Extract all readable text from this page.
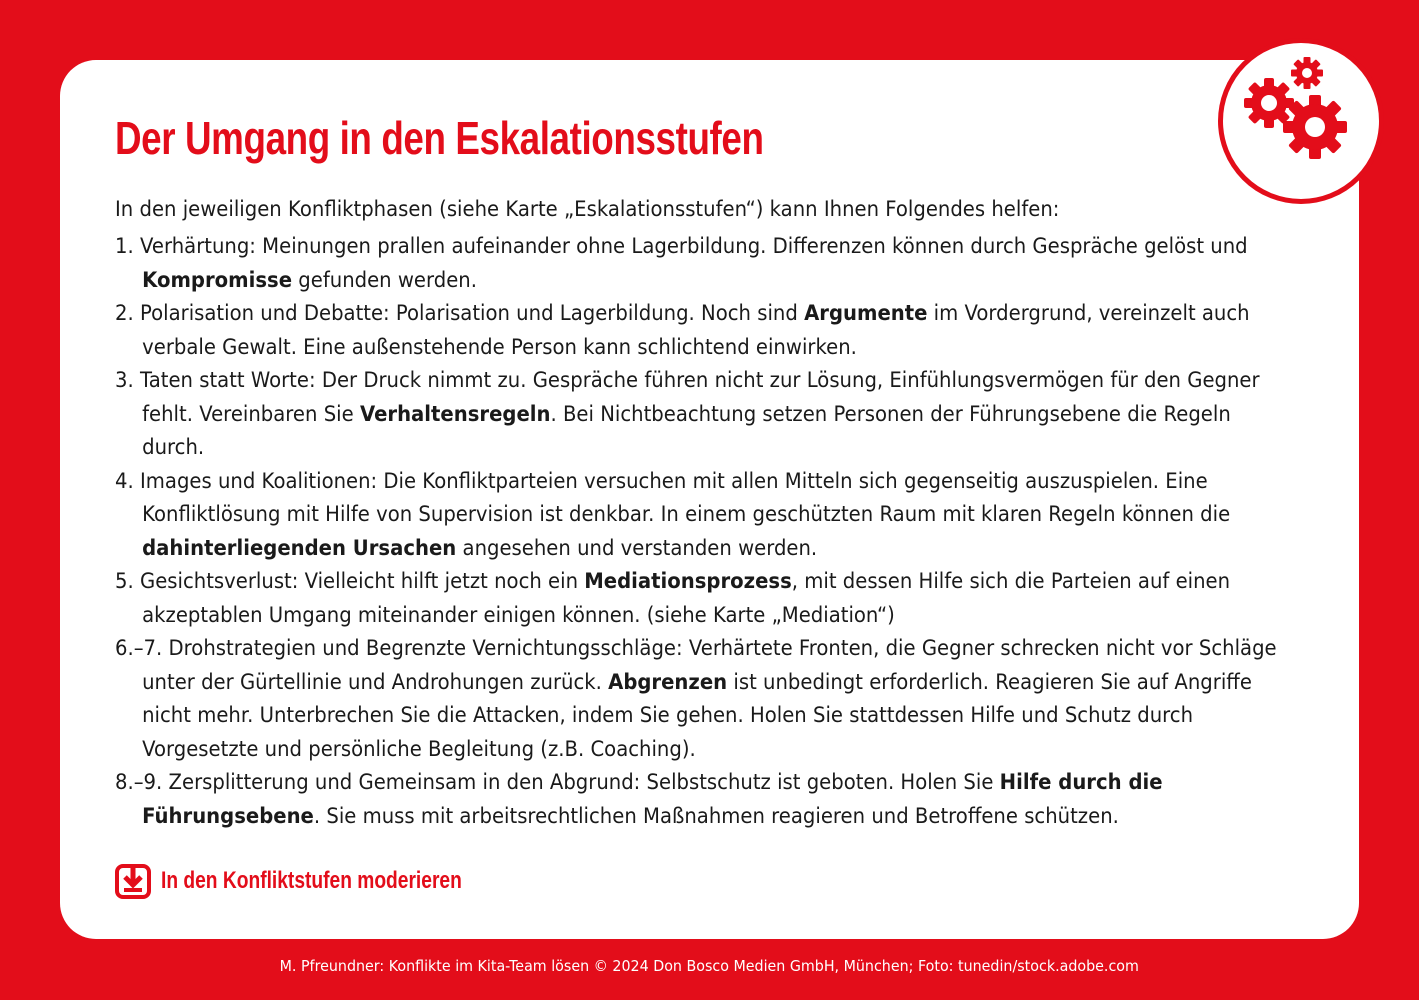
Der Umgang in den Eskalationsstufen

In den jeweiligen Konfliktphasen (siehe Karte „Eskalationsstufen“) kann Ihnen Folgendes helfen:

1. Verhärtung: Meinungen prallen aufeinander ohne Lagerbildung. Differenzen können durch Gespräche gelöst und Kompromisse gefunden werden.
2. Polarisation und Debatte: Polarisation und Lagerbildung. Noch sind Argumente im Vordergrund, vereinzelt auch verbale Gewalt. Eine außenstehende Person kann schlichtend einwirken.
3. Taten statt Worte: Der Druck nimmt zu. Gespräche führen nicht zur Lösung, Einfühlungsvermögen für den Gegner fehlt. Vereinbaren Sie Verhaltensregeln. Bei Nichtbeachtung setzen Personen der Führungsebene die Regeln durch.
4. Images und Koalitionen: Die Konfliktparteien versuchen mit allen Mitteln sich gegenseitig auszuspielen. Eine Konfliktlösung mit Hilfe von Supervision ist denkbar. In einem geschützten Raum mit klaren Regeln können die dahinterliegenden Ursachen angesehen und verstanden werden.
5. Gesichtsverlust: Vielleicht hilft jetzt noch ein Mediationsprozess, mit dessen Hilfe sich die Parteien auf einen akzeptablen Umgang miteinander einigen können. (siehe Karte „Mediation“)
6.–7. Drohstrategien und Begrenzte Vernichtungsschläge: Verhärtete Fronten, die Gegner schrecken nicht vor Schläge unter der Gürtellinie und Androhungen zurück. Abgrenzen ist unbedingt erforderlich. Reagieren Sie auf Angriffe nicht mehr. Unterbrechen Sie die Attacken, indem Sie gehen. Holen Sie stattdessen Hilfe und Schutz durch Vorgesetzte und persönliche Begleitung (z.B. Coaching).
8.–9. Zersplitterung und Gemeinsam in den Abgrund: Selbstschutz ist geboten. Holen Sie Hilfe durch die Führungsebene. Sie muss mit arbeitsrechtlichen Maßnahmen reagieren und Betroffene schützen.
In den Konfliktstufen moderieren
M. Pfreundner: Konflikte im Kita-Team lösen © 2024 Don Bosco Medien GmbH, München; Foto: tunedin/stock.adobe.com
